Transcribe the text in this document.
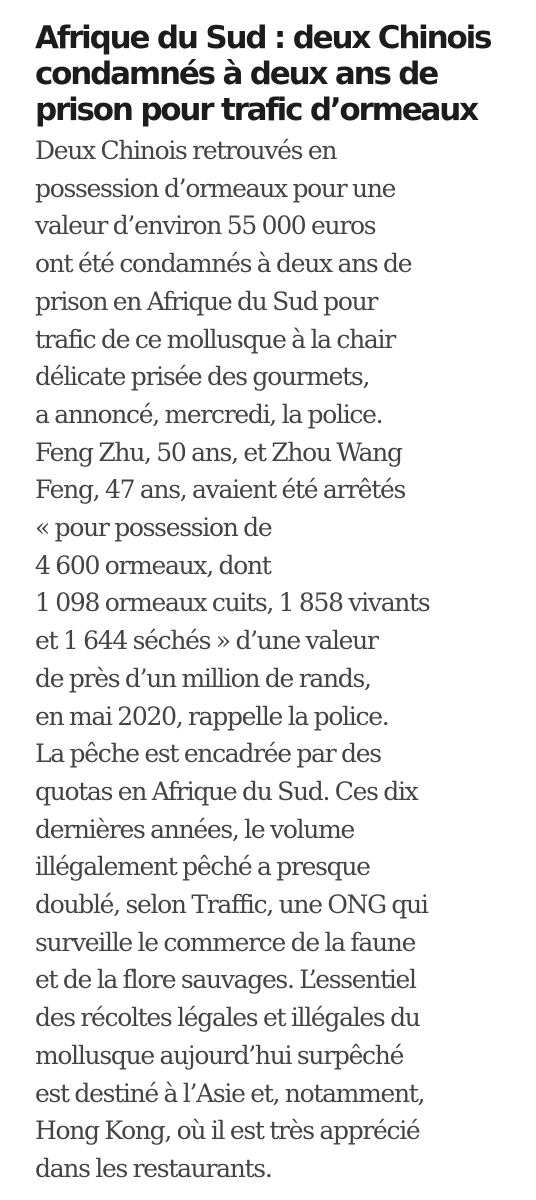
Afrique du Sud : deux Chinois
condamnés à deux ans de
prison pour trafic d’ormeaux
Deux Chinois retrouvés en
possession d’ormeaux pour une
valeur d’environ 55 000 euros
ont été condamnés à deux ans de
prison en Afrique du Sud pour
trafic de ce mollusque à la chair
délicate prisée des gourmets,
a annoncé, mercredi, la police.
Feng Zhu, 50 ans, et Zhou Wang
Feng, 47 ans, avaient été arrêtés
« pour possession de
4 600 ormeaux, dont
1 098 ormeaux cuits, 1 858 vivants
et 1 644 séchés » d’une valeur
de près d’un million de rands,
en mai 2020, rappelle la police.
La pêche est encadrée par des
quotas en Afrique du Sud. Ces dix
dernières années, le volume
illégalement pêché a presque
doublé, selon Traffic, une ONG qui
surveille le commerce de la faune
et de la flore sauvages. L’essentiel
des récoltes légales et illégales du
mollusque aujourd’hui surpêché
est destiné à l’Asie et, notamment,
Hong Kong, où il est très apprécié
dans les restaurants.
